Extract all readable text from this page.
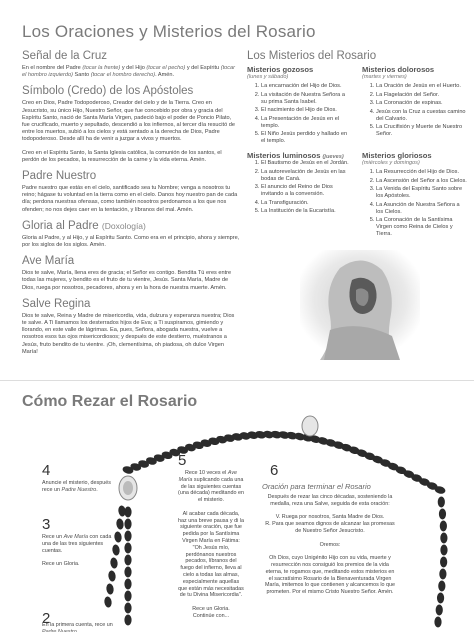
Los Oraciones y Misterios del Rosario
Señal de la Cruz

En el nombre del Padre (tocar la frente) y del Hijo (tocar el pecho) y del Espíritu (tocar el hombro izquierdo) Santo (tocar el hombro derecho). Amén.

Símbolo (Credo) de los Apóstoles

Creo en Dios, Padre Todopoderoso, Creador del cielo y de la Tierra. Creo en Jesucristo, su único Hijo, Nuestro Señor, que fue concebido por obra y gracia del Espíritu Santo, nació de Santa María Virgen, padeció bajo el poder de Poncio Pilato, fue crucificado, muerto y sepultado, descendió a los infiernos, al tercer día resucitó de entre los muertos, subió a los cielos y está sentado a la derecha de Dios, Padre todopoderoso. Desde allí ha de venir a juzgar a vivos y muertos.

Creo en el Espíritu Santo, la Santa Iglesia católica, la comunión de los santos, el perdón de los pecados, la resurrección de la carne y la vida eterna. Amén.

Padre Nuestro

Padre nuestro que estás en el cielo, santificado sea tu Nombre; venga a nosotros tu reino; hágase tu voluntad en la tierra como en el cielo. Danos hoy nuestro pan de cada día; perdona nuestras ofensas, como también nosotros perdonamos a los que nos ofenden; no nos dejes caer en la tentación, y líbranos del mal. Amén.

Gloria al Padre (Doxología)

Gloria al Padre, y al Hijo, y al Espíritu Santo. Como era en el principio, ahora y siempre, por los siglos de los siglos. Amén.

Ave María

Dios te salve, María, llena eres de gracia; el Señor es contigo. Bendita Tú eres entre todas las mujeres, y bendito es el fruto de tu vientre, Jesús. Santa María, Madre de Dios, ruega por nosotros, pecadores, ahora y en la hora de nuestra muerte. Amén.

Salve Regina

Dios te salve, Reina y Madre de misericordia, vida, dulzura y esperanza nuestra; Dios te salve. A Ti llamamos los desterrados hijos de Eva; a Ti suspiramos, gimiendo y llorando, en este valle de lágrimas. Ea, pues, Señora, abogada nuestra, vuelve a nosotros esos tus ojos misericordiosos; y después de este destierro, muéstranos a Jesús, fruto bendito de tu vientre. ¡Oh, clementísima, oh piadosa, oh dulce Virgen María!

Los Misterios del Rosario

Misterios gozosos

(lunes y sábado)

1. La encarnación del Hijo de Dios.
2. La visitación de Nuestra Señora a su prima Santa Isabel.
3. El nacimiento del Hijo de Dios.
4. La Presentación de Jesús en el templo.
5. El Niño Jesús perdido y hallado en el templo.

Misterios dolorosos

(martes y viernes)

1. La Oración de Jesús en el Huerto.
2. La Flagelación del Señor.
3. La Coronación de espinas.
4. Jesús con la Cruz a cuestas camino del Calvario.
5. La Crucifixión y Muerte de Nuestro Señor.

Misterios luminosos (jueves)

1. El Bautismo de Jesús en el Jordán.
2. La autorevelación de Jesús en las bodas de Caná.
3. El anuncio del Reino de Dios invitando a la conversión.
4. La Transfiguración.
5. La Institución de la Eucaristía.

Misterios gloriosos

(miércoles y domingos)

1. La Resurrección del Hijo de Dios.
2. La Ascensión del Señor a los Cielos.
3. La Venida del Espíritu Santo sobre los Apóstoles.
4. La Asunción de Nuestra Señora a los Cielos.
5. La Coronación de la Santísima Virgen como Reina de Cielos y Tierra.
Cómo Rezar el Rosario
4
Anuncie el misterio, después rece un Padre Nuestro.
3
Rece un Ave María con cada una de las tres siguientes cuentas.

Rece un Gloria.
2
En la primera cuenta, rece un Padre Nuestro.
5
Rece 10 veces el Ave María suplicando cada una de las siguientes cuentas (una década) meditando en el misterio.

Al acabar cada década, haz una breve pausa y di la siguiente oración, que fue pedida por la Santísima Virgen María en Fátima: "Oh Jesús mío, perdónanos nuestros pecados, líbranos del fuego del infierno, lleva al cielo a todas las almas, especialmente aquellas que están más necesitadas de tu Divina Misericordia".

Rece un Gloria.
Continúe con...
6
Oración para terminar el Rosario
Después de rezar las cinco décadas, sosteniendo la medalla, reza una Salve, seguida de esta oración:

V. Ruega por nosotros, Santa Madre de Dios.
R. Para que seamos dignos de alcanzar las promesas de Nuestro Señor Jesucristo.

Oremos:

Oh Dios, cuyo Unigénito Hijo con su vida, muerte y resurrección nos consiguió los premios de la vida eterna, te rogamos que, meditando estos misterios en el sacratísimo Rosario de la Bienaventurada Virgen María, imitemos lo que contienen y alcancemos lo que prometen. Por el mismo Cristo Nuestro Señor. Amén.
